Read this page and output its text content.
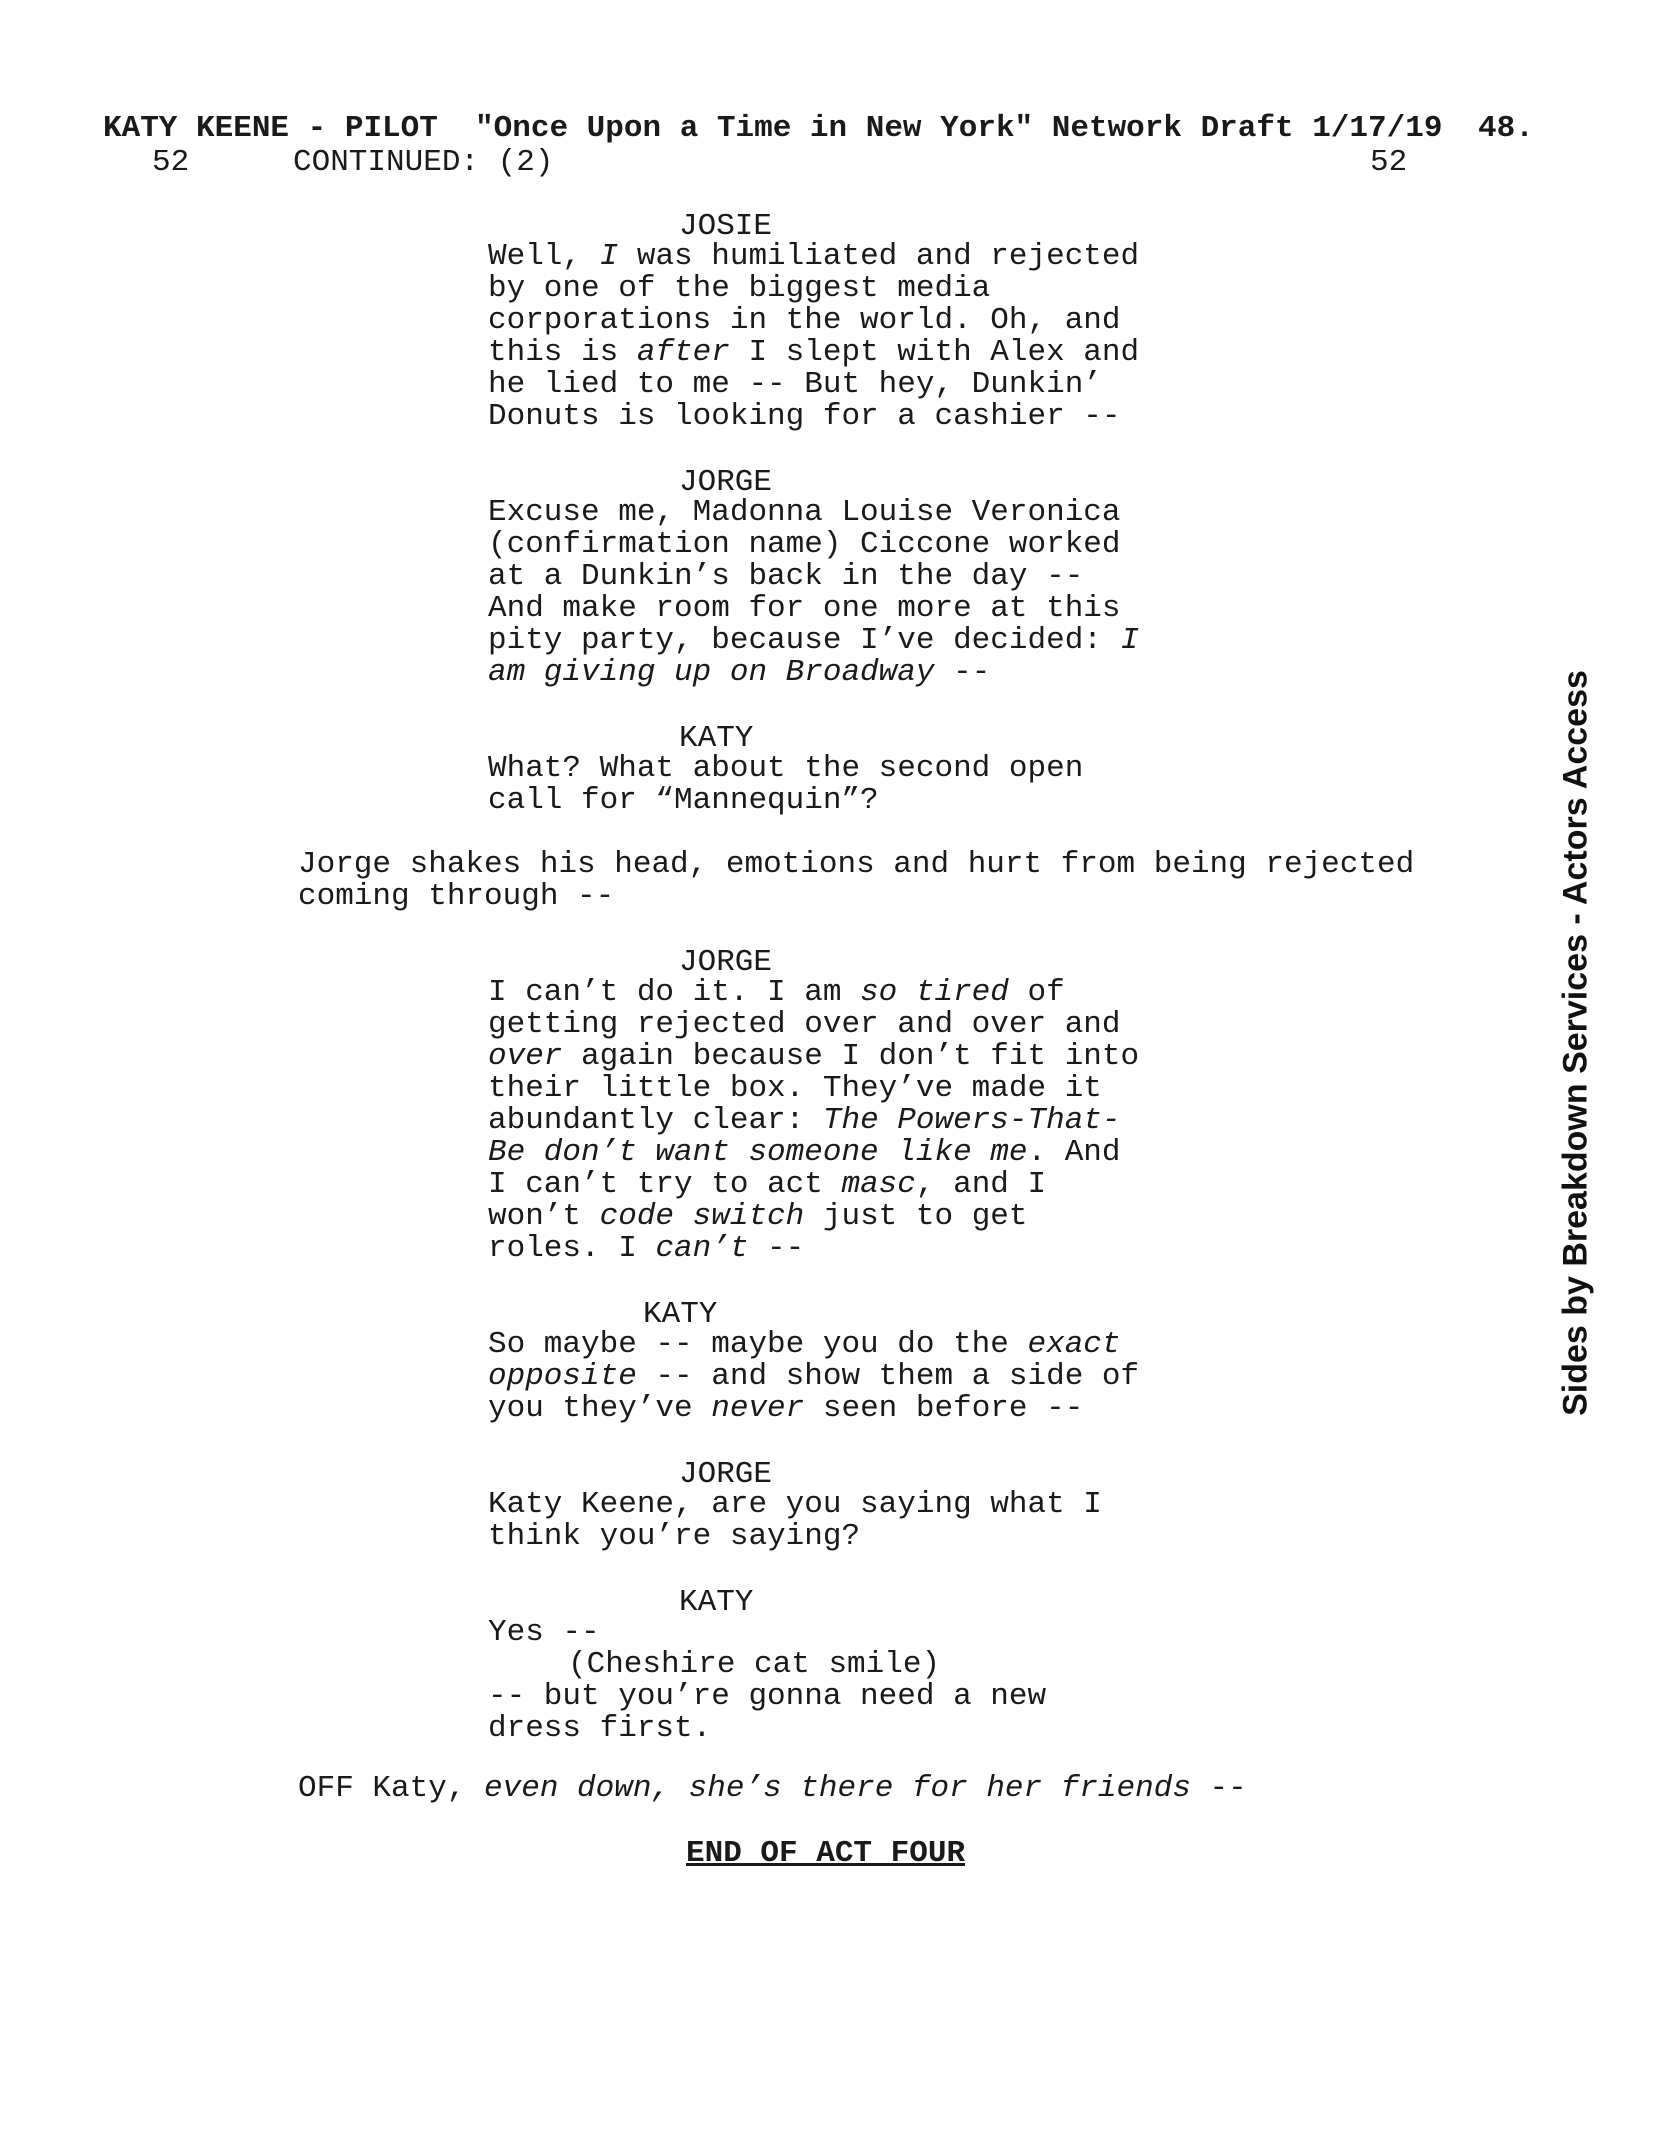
KATY KEENE - PILOT  "Once Upon a Time in New York" Network Draft 1/17/19

48.

52	CONTINUED: (2)	52
JOSIE
Well, I was humiliated and rejected
by one of the biggest media
corporations in the world. Oh, and
this is after I slept with Alex and
he lied to me -- But hey, Dunkin’
Donuts is looking for a cashier --
JORGE
Excuse me, Madonna Louise Veronica
(confirmation name) Ciccone worked
at a Dunkin’s back in the day --
And make room for one more at this
pity party, because I’ve decided: I
am giving up on Broadway --
KATY
What? What about the second open
call for “Mannequin”?
Jorge shakes his head, emotions and hurt from being rejected
coming through --
JORGE
I can’t do it. I am so tired of
getting rejected over and over and
over again because I don’t fit into
their little box. They’ve made it
abundantly clear: The Powers-That-
Be don’t want someone like me. And
I can’t try to act masc, and I
won’t code switch just to get
roles. I can’t --
KATY
So maybe -- maybe you do the exact
opposite -- and show them a side of
you they’ve never seen before --
JORGE
Katy Keene, are you saying what I
think you’re saying?
KATY
Yes --
(Cheshire cat smile)
-- but you’re gonna need a new
dress first.
OFF Katy, even down, she’s there for her friends --
END OF ACT FOUR
Sides by Breakdown Services - Actors Access
